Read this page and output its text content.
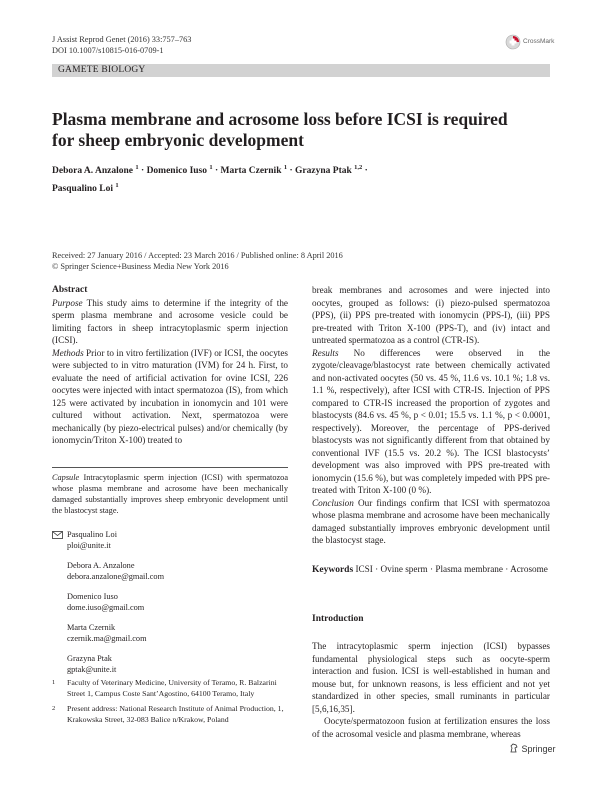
J Assist Reprod Genet (2016) 33:757–763
DOI 10.1007/s10815-016-0709-1
CrossMark
GAMETE BIOLOGY
Plasma membrane and acrosome loss before ICSI is required
for sheep embryonic development
Debora A. Anzalone $^1$ · Domenico Iuso $^1$ · Marta Czernik $^1$ · Grazyna Ptak $^{1,2}$ ·
Pasqualino Loi $^1$
Received: 27 January 2016 / Accepted: 23 March 2016 / Published online: 8 April 2016
© Springer Science+Business Media New York 2016
Abstract
Purpose This study aims to determine if the integrity of the sperm plasma membrane and acrosome vesicle could be limiting factors in sheep intracytoplasmic sperm injection (ICSI).
Methods Prior to in vitro fertilization (IVF) or ICSI, the oocytes were subjected to in vitro maturation (IVM) for 24 h. First, to evaluate the need of artificial activation for ovine ICSI, 226 oocytes were injected with intact spermatozoa (IS), from which 125 were activated by incubation in ionomycin and 101 were cultured without activation. Next, spermatozoa were mechanically (by piezo-electrical pulses) and/or chemically (by ionomycin/Triton X-100) treated to
Capsule Intracytoplasmic sperm injection (ICSI) with spermatozoa whose plasma membrane and acrosome have been mechanically damaged substantially improves sheep embryonic development until the blastocyst stage.
Pasqualino Loi
ploi@unite.it
Debora A. Anzalone
debora.anzalone@gmail.com
Domenico Iuso
dome.iuso@gmail.com
Marta Czernik
czernik.ma@gmail.com
Grazyna Ptak
gptak@unite.it
1 Faculty of Veterinary Medicine, University of Teramo, R. Balzarini Street 1, Campus Coste Sant’Agostino, 64100 Teramo, Italy
2 Present address: National Research Institute of Animal Production, 1, Krakowska Street, 32-083 Balice n/Krakow, Poland
break membranes and acrosomes and were injected into oocytes, grouped as follows: (i) piezo-pulsed spermatozoa (PPS), (ii) PPS pre-treated with ionomycin (PPS-I), (iii) PPS pre-treated with Triton X-100 (PPS-T), and (iv) intact and untreated spermatozoa as a control (CTR-IS).
Results No differences were observed in the zygote/cleavage/blastocyst rate between chemically activated and non-activated oocytes (50 vs. 45 %, 11.6 vs. 10.1 %; 1.8 vs. 1.1 %, respectively), after ICSI with CTR-IS. Injection of PPS compared to CTR-IS increased the proportion of zygotes and blastocysts (84.6 vs. 45 %, p < 0.01; 15.5 vs. 1.1 %, p < 0.0001, respectively). Moreover, the percentage of PPS-derived blastocysts was not significantly different from that obtained by conventional IVF (15.5 vs. 20.2 %). The ICSI blastocysts’ development was also improved with PPS pre-treated with ionomycin (15.6 %), but was completely impeded with PPS pre-treated with Triton X-100 (0 %).
Conclusion Our findings confirm that ICSI with spermatozoa whose plasma membrane and acrosome have been mechanically damaged substantially improves embryonic development until the blastocyst stage.
Keywords ICSI · Ovine sperm · Plasma membrane · Acrosome
Introduction
The intracytoplasmic sperm injection (ICSI) bypasses fundamental physiological steps such as oocyte-sperm interaction and fusion. ICSI is well-established in human and mouse but, for unknown reasons, is less efficient and not yet standardized in other species, small ruminants in particular [5,6,16,35].
Oocyte/spermatozoon fusion at fertilization ensures the loss of the acrosomal vesicle and plasma membrane, whereas
Springer
